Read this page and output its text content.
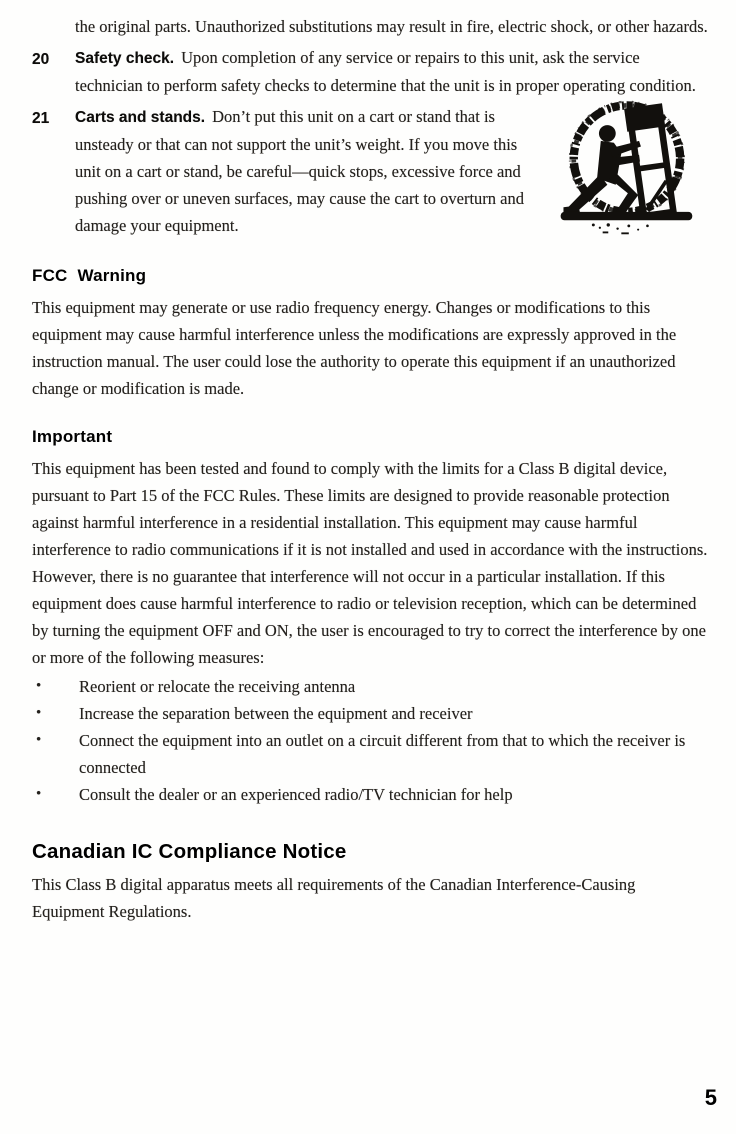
the original parts. Unauthorized substitutions may result in fire, electric shock, or other hazards.

20	Safety check. Upon completion of any service or repairs to this unit, ask the service technician to perform safety checks to determine that the unit is in proper operating condition.
21	Carts and stands. Don’t put this unit on a cart or stand that is unsteady or that can not support the unit’s weight. If you move this unit on a cart or stand, be careful—quick stops, excessive force and pushing over or uneven surfaces, may cause the cart to overturn and damage your equipment.
FCC Warning

This equipment may generate or use radio frequency energy. Changes or modifications to this equipment may cause harmful interference unless the modifications are expressly approved in the instruction manual. The user could lose the authority to operate this equipment if an unauthorized change or modification is made.

Important

This equipment has been tested and found to comply with the limits for a Class B digital device, pursuant to Part 15 of the FCC Rules. These limits are designed to provide reasonable protection against harmful interference in a residential installation. This equipment may cause harmful interference to radio communications if it is not installed and used in accordance with the instructions. However, there is no guarantee that interference will not occur in a particular installation. If this equipment does cause harmful interference to radio or television reception, which can be determined by turning the equipment OFF and ON, the user is encouraged to try to correct the interference by one or more of the following measures:

•	Reorient or relocate the receiving antenna
•	Increase the separation between the equipment and receiver
•	Connect the equipment into an outlet on a circuit different from that to which the receiver is connected
•	Consult the dealer or an experienced radio/TV technician for help
Canadian IC Compliance Notice

This Class B digital apparatus meets all requirements of the Canadian Interference-Causing Equipment Regulations.

5
